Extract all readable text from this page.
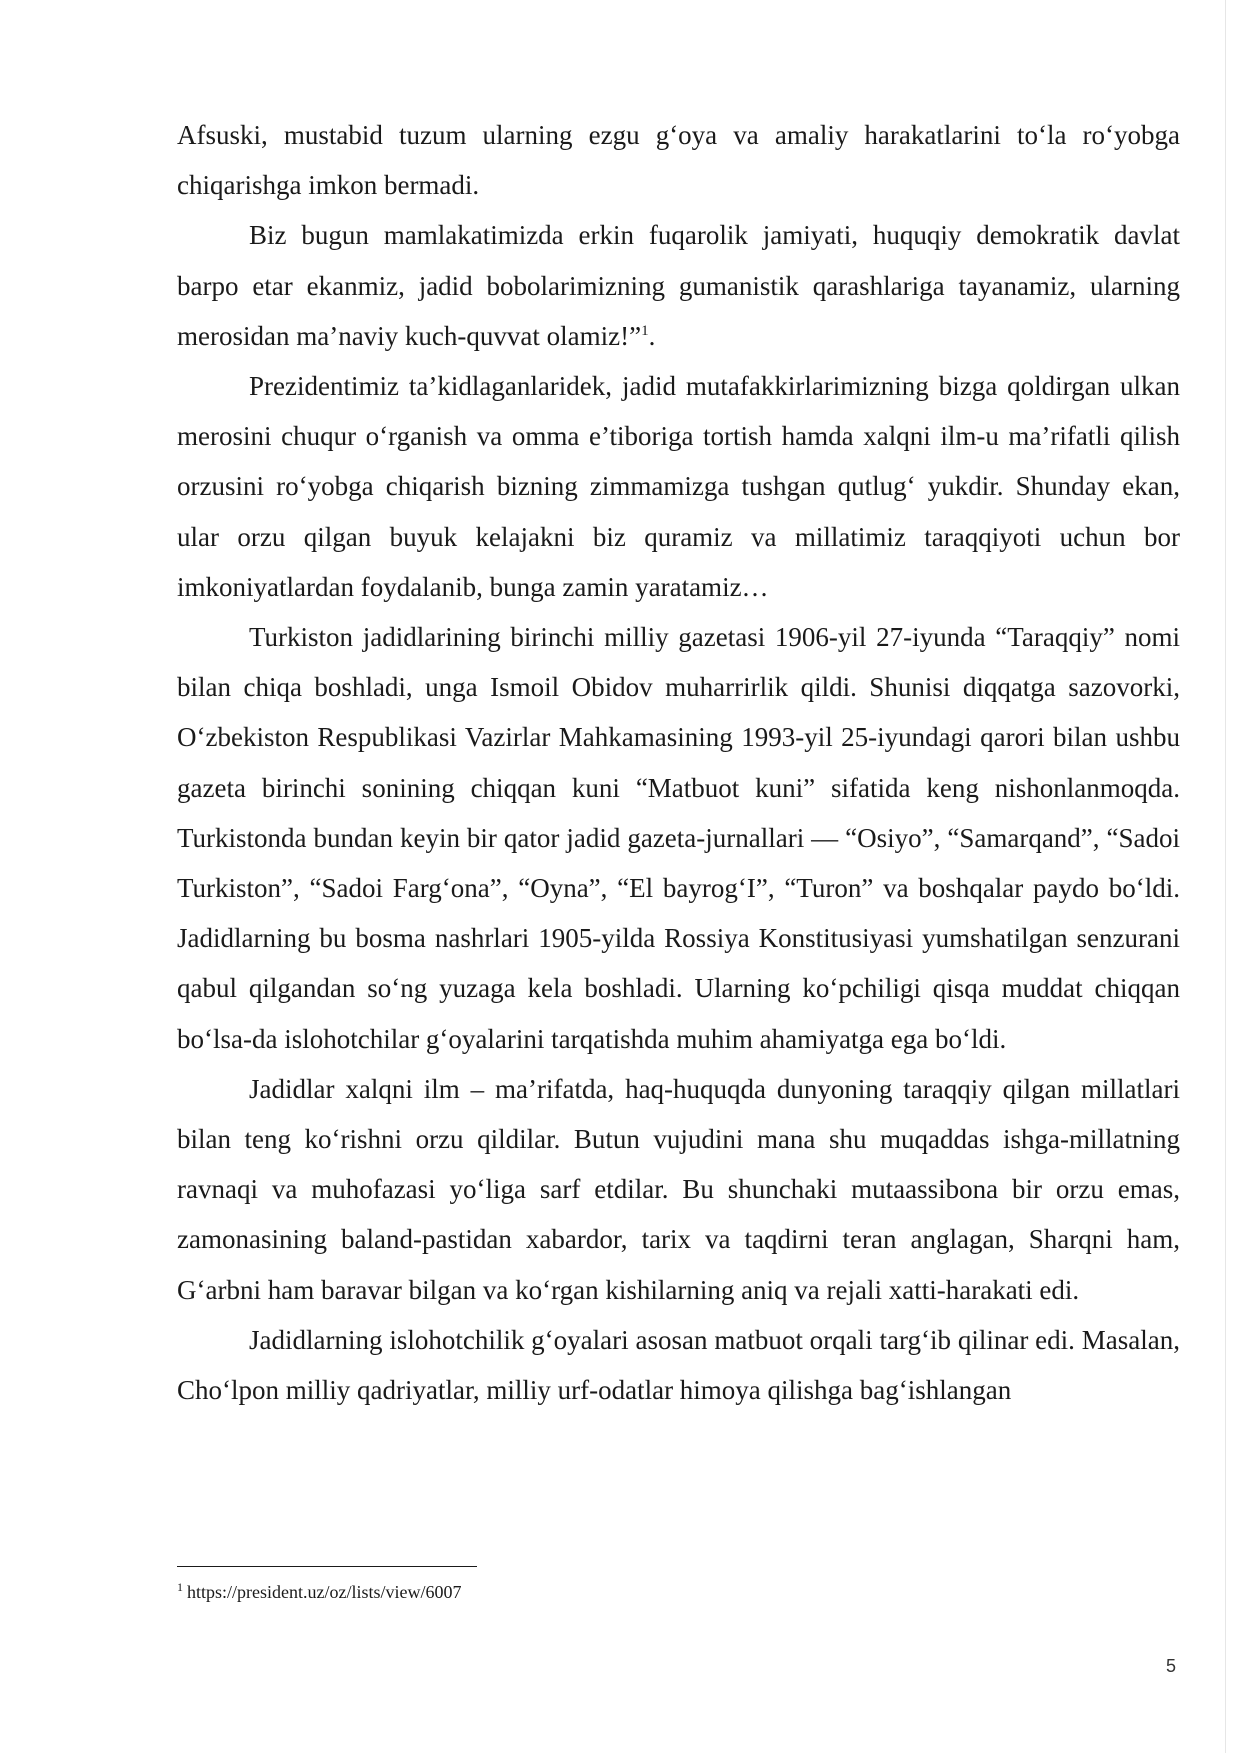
Afsuski, mustabid tuzum ularning ezgu g‘oya va amaliy harakatlarini to‘la ro‘yobga chiqarishga imkon bermadi.

Biz bugun mamlakatimizda erkin fuqarolik jamiyati, huquqiy demokratik davlat barpo etar ekanmiz, jadid bobolarimizning gumanistik qarashlariga tayanamiz, ularning merosidan ma’naviy kuch-quvvat olamiz!”$^1$.

Prezidentimiz ta’kidlaganlaridek, jadid mutafakkirlarimizning bizga qoldirgan ulkan merosini chuqur o‘rganish va omma e’tiboriga tortish hamda xalqni ilm-u ma’rifatli qilish orzusini ro‘yobga chiqarish bizning zimmamizga tushgan qutlug‘ yukdir. Shunday ekan, ular orzu qilgan buyuk kelajakni biz quramiz va millatimiz taraqqiyoti uchun bor imkoniyatlardan foydalanib, bunga zamin yaratamiz…

Turkiston jadidlarining birinchi milliy gazetasi 1906-yil 27-iyunda “Taraqqiy” nomi bilan chiqa boshladi, unga Ismoil Obidov muharrirlik qildi. Shunisi diqqatga sazovorki, O‘zbekiston Respublikasi Vazirlar Mahkamasining 1993-yil 25-iyundagi qarori bilan ushbu gazeta birinchi sonining chiqqan kuni “Matbuot kuni” sifatida keng nishonlanmoqda. Turkistonda bundan keyin bir qator jadid gazeta-jurnallari — “Osiyo”, “Samarqand”, “Sadoi Turkiston”, “Sadoi Farg‘ona”, “Oyna”, “El bayrog‘I”, “Turon” va boshqalar paydo bo‘ldi. Jadidlarning bu bosma nashrlari 1905-yilda Rossiya Konstitusiyasi yumshatilgan senzurani qabul qilgandan so‘ng yuzaga kela boshladi. Ularning ko‘pchiligi qisqa muddat chiqqan bo‘lsa-da islohotchilar g‘oyalarini tarqatishda muhim ahamiyatga ega bo‘ldi.

Jadidlar xalqni ilm – ma’rifatda, haq-huquqda dunyoning taraqqiy qilgan millatlari bilan teng ko‘rishni orzu qildilar. Butun vujudini mana shu muqaddas ishga-millatning ravnaqi va muhofazasi yo‘liga sarf etdilar. Bu shunchaki mutaassibona bir orzu emas, zamonasining baland-pastidan xabardor, tarix va taqdirni teran anglagan, Sharqni ham, G‘arbni ham baravar bilgan va ko‘rgan kishilarning aniq va rejali xatti-harakati edi.

Jadidlarning islohotchilik g‘oyalari asosan matbuot orqali targ‘ib qilinar edi. Masalan, Cho‘lpon milliy qadriyatlar, milliy urf-odatlar himoya qilishga bag‘ishlangan

$^1$ https://president.uz/oz/lists/view/6007
5
